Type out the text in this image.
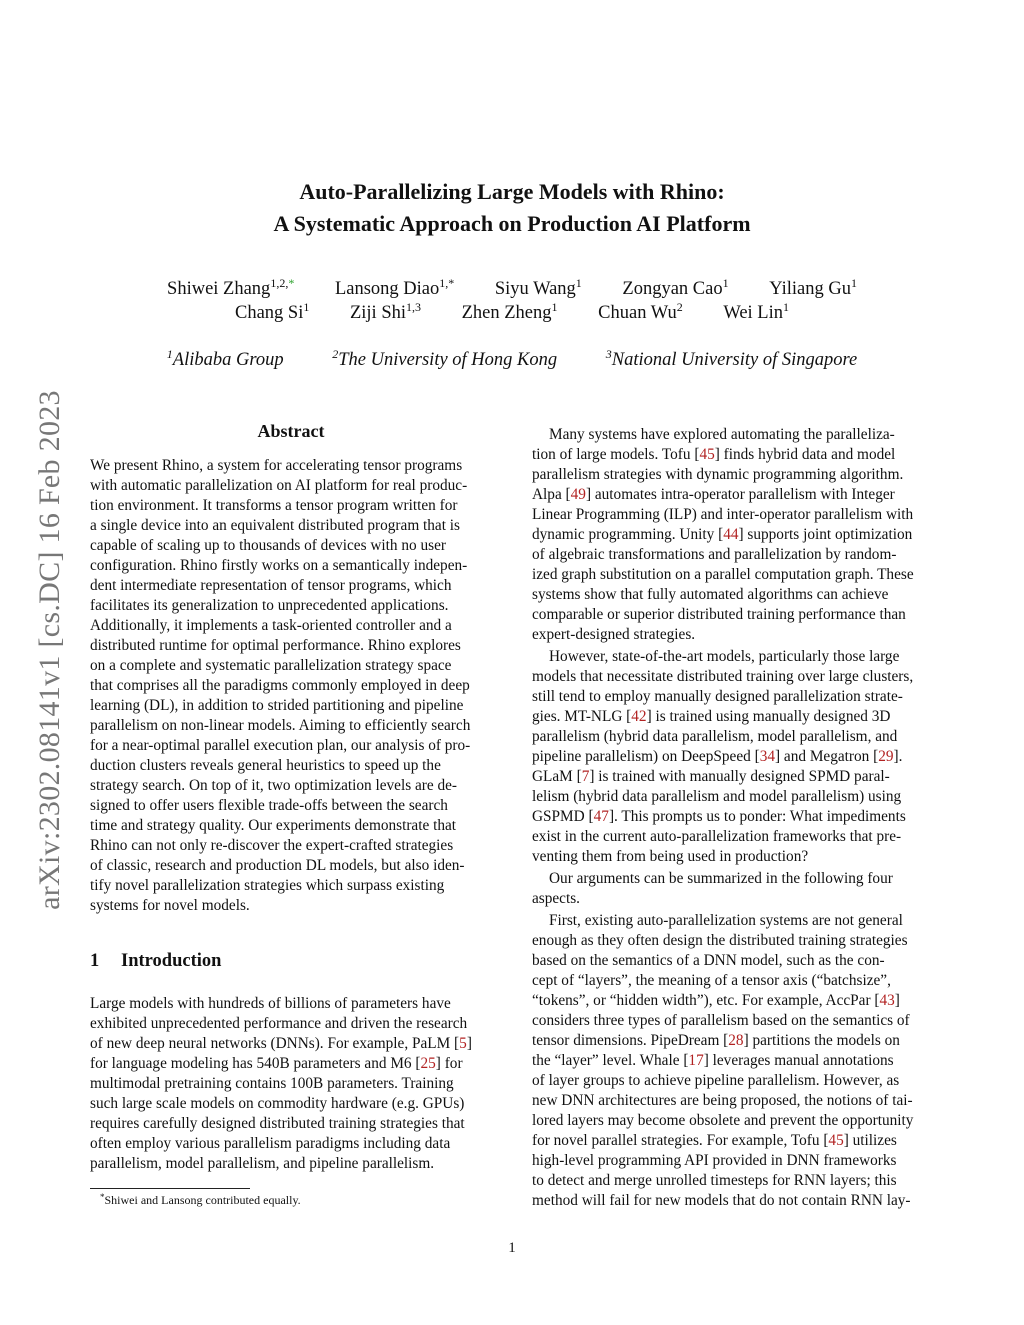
arXiv:2302.08141v1 [cs.DC] 16 Feb 2023
Auto-Parallelizing Large Models with Rhino:
A Systematic Approach on Production AI Platform
Shiwei Zhang$^{1,2,*}$ Lansong Diao$^{1,*}$ Siyu Wang$^1$ Zongyan Cao$^1$ Yiliang Gu$^1$
Chang Si$^1$ Ziji Shi$^{1,3}$ Zhen Zheng$^1$ Chuan Wu$^2$ Wei Lin$^1$
$^1$Alibaba Group	$^2$The University of Hong Kong	$^3$National University of Singapore
Abstract
We present Rhino, a system for accelerating tensor programs
with automatic parallelization on AI platform for real produc-
tion environment. It transforms a tensor program written for
a single device into an equivalent distributed program that is
capable of scaling up to thousands of devices with no user
configuration. Rhino firstly works on a semantically indepen-
dent intermediate representation of tensor programs, which
facilitates its generalization to unprecedented applications.
Additionally, it implements a task-oriented controller and a
distributed runtime for optimal performance. Rhino explores
on a complete and systematic parallelization strategy space
that comprises all the paradigms commonly employed in deep
learning (DL), in addition to strided partitioning and pipeline
parallelism on non-linear models. Aiming to efficiently search
for a near-optimal parallel execution plan, our analysis of pro-
duction clusters reveals general heuristics to speed up the
strategy search. On top of it, two optimization levels are de-
signed to offer users flexible trade-offs between the search
time and strategy quality. Our experiments demonstrate that
Rhino can not only re-discover the expert-crafted strategies
of classic, research and production DL models, but also iden-
tify novel parallelization strategies which surpass existing
systems for novel models.
1 Introduction
Large models with hundreds of billions of parameters have
exhibited unprecedented performance and driven the research
of new deep neural networks (DNNs). For example, PaLM [5]
for language modeling has 540B parameters and M6 [25] for
multimodal pretraining contains 100B parameters. Training
such large scale models on commodity hardware (e.g. GPUs)
requires carefully designed distributed training strategies that
often employ various parallelism paradigms including data
parallelism, model parallelism, and pipeline parallelism.
*Shiwei and Lansong contributed equally.
Many systems have explored automating the paralleliza-
tion of large models. Tofu [45] finds hybrid data and model
parallelism strategies with dynamic programming algorithm.
Alpa [49] automates intra-operator parallelism with Integer
Linear Programming (ILP) and inter-operator parallelism with
dynamic programming. Unity [44] supports joint optimization
of algebraic transformations and parallelization by random-
ized graph substitution on a parallel computation graph. These
systems show that fully automated algorithms can achieve
comparable or superior distributed training performance than
expert-designed strategies.
However, state-of-the-art models, particularly those large
models that necessitate distributed training over large clusters,
still tend to employ manually designed parallelization strate-
gies. MT-NLG [42] is trained using manually designed 3D
parallelism (hybrid data parallelism, model parallelism, and
pipeline parallelism) on DeepSpeed [34] and Megatron [29].
GLaM [7] is trained with manually designed SPMD paral-
lelism (hybrid data parallelism and model parallelism) using
GSPMD [47]. This prompts us to ponder: What impediments
exist in the current auto-parallelization frameworks that pre-
venting them from being used in production?
Our arguments can be summarized in the following four
aspects.
First, existing auto-parallelization systems are not general
enough as they often design the distributed training strategies
based on the semantics of a DNN model, such as the con-
cept of “layers”, the meaning of a tensor axis (“batchsize”,
“tokens”, or “hidden width”), etc. For example, AccPar [43]
considers three types of parallelism based on the semantics of
tensor dimensions. PipeDream [28] partitions the models on
the “layer” level. Whale [17] leverages manual annotations
of layer groups to achieve pipeline parallelism. However, as
new DNN architectures are being proposed, the notions of tai-
lored layers may become obsolete and prevent the opportunity
for novel parallel strategies. For example, Tofu [45] utilizes
high-level programming API provided in DNN frameworks
to detect and merge unrolled timesteps for RNN layers; this
method will fail for new models that do not contain RNN lay-
1
